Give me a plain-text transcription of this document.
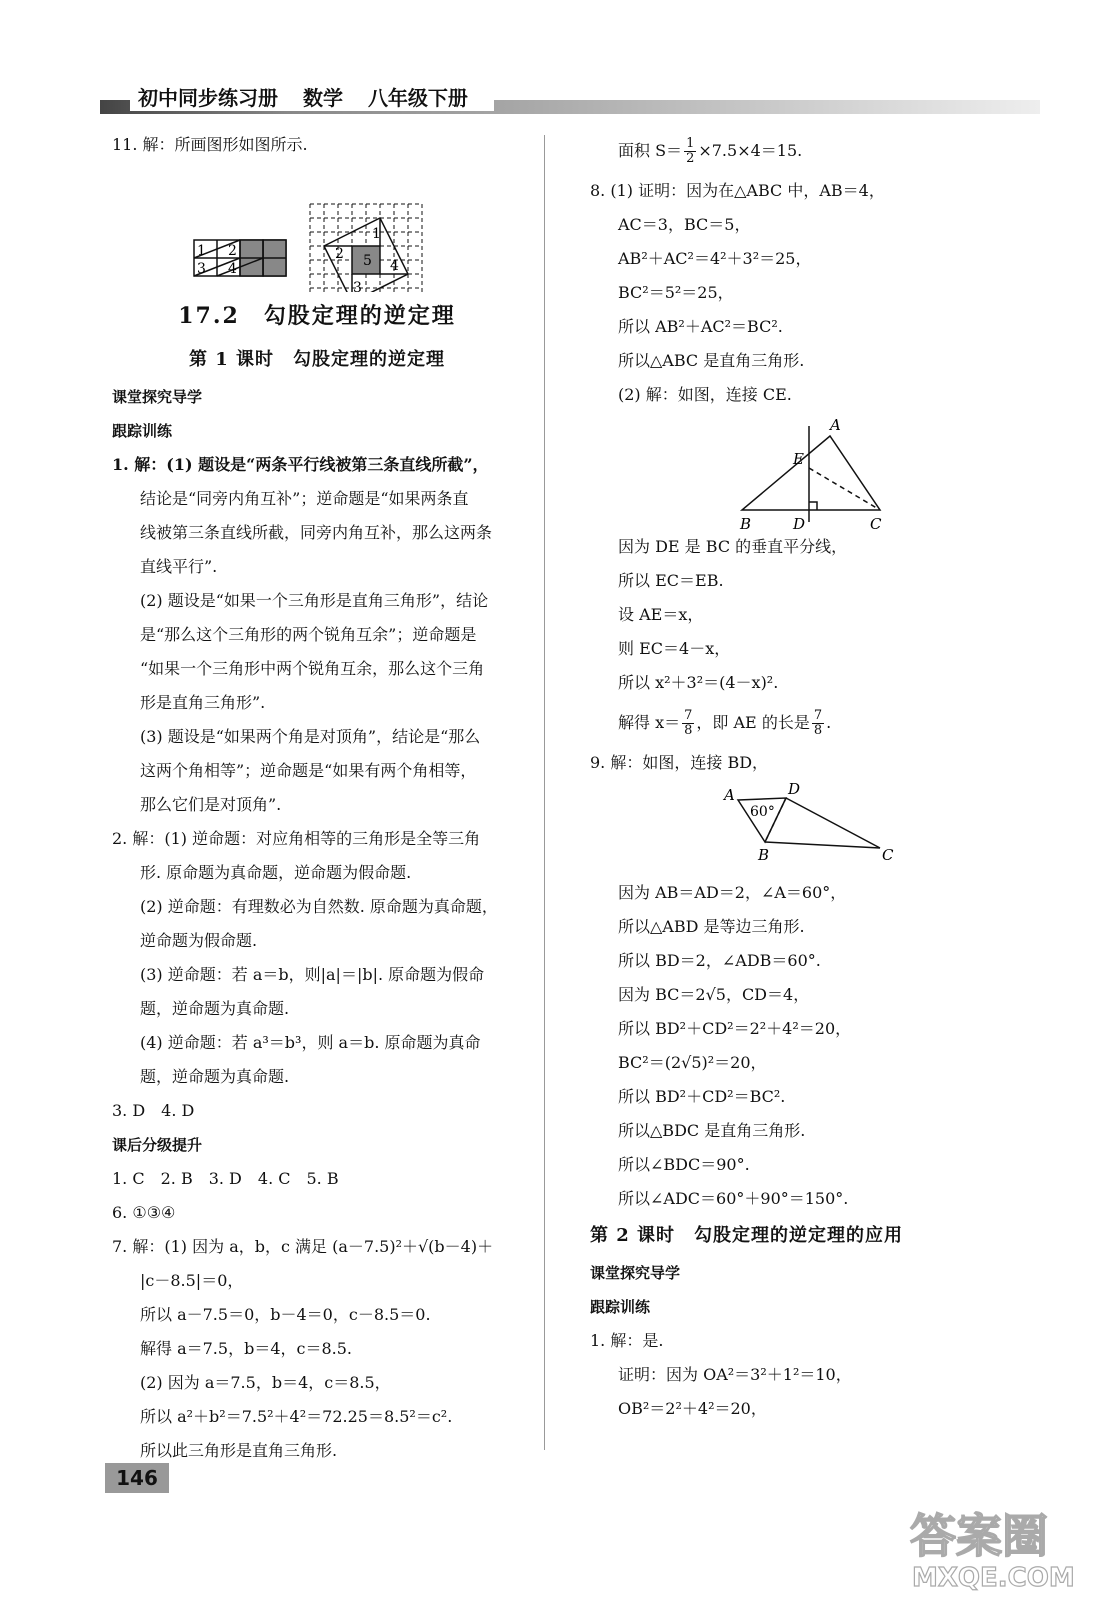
初中同步练习册 数学 八年级下册
11. 解：所画图形如图所示.
1 2
3 4
1
2
3
4
5
17.2　勾股定理的逆定理
第 1 课时　勾股定理的逆定理
课堂探究导学
跟踪训练
1. 解：(1) 题设是“两条平行线被第三条直线所截”，
结论是“同旁内角互补”；逆命题是“如果两条直
线被第三条直线所截，同旁内角互补，那么这两条
直线平行”.
(2) 题设是“如果一个三角形是直角三角形”，结论
是“那么这个三角形的两个锐角互余”；逆命题是
“如果一个三角形中两个锐角互余，那么这个三角
形是直角三角形”.
(3) 题设是“如果两个角是对顶角”，结论是“那么
这两个角相等”；逆命题是“如果有两个角相等，
那么它们是对顶角”.
2. 解：(1) 逆命题：对应角相等的三角形是全等三角
形. 原命题为真命题，逆命题为假命题.
(2) 逆命题：有理数必为自然数. 原命题为真命题，
逆命题为假命题.
(3) 逆命题：若 a＝b，则|a|＝|b|. 原命题为假命
题，逆命题为真命题.
(4) 逆命题：若 a³＝b³，则 a＝b. 原命题为真命
题，逆命题为真命题.
3. D　4. D
课后分级提升
1. C　2. B　3. D　4. C　5. B
6. ①③④
7. 解：(1) 因为 a，b，c 满足 (a－7.5)²＋√(b－4)＋
|c－8.5|＝0，
所以 a－7.5＝0，b－4＝0，c－8.5＝0.
解得 a＝7.5，b＝4，c＝8.5.
(2) 因为 a＝7.5，b＝4，c＝8.5，
所以 a²＋b²＝7.5²＋4²＝72.25＝8.5²＝c².
所以此三角形是直角三角形.
面积 $S= \frac{1}{2} \times 7.5\times 4=15$.
8. (1) 证明：因为在△ABC 中，AB＝4，
AC＝3，BC＝5，
AB²＋AC²＝4²＋3²＝25，
BC²＝5²＝25，
所以 AB²＋AC²＝BC².
所以△ABC 是直角三角形.
(2) 解：如图，连接 CE.
A
E
B	D	C
因为 DE 是 BC 的垂直平分线，
所以 EC＝EB.
设 AE＝x，
则 EC＝4－x，
所以 x²＋3²＝(4－x)².
解得 $x= \frac{7}{8}$ ，即 AE 的长是 $\frac{7}{8}$ .
9. 解：如图，连接 BD，
A	D
B	C
60°
因为 AB＝AD＝2，∠A＝60°，
所以△ABD 是等边三角形.
所以 BD＝2，∠ADB＝60°.
因为 BC＝2√5，CD＝4，
所以 BD²＋CD²＝2²＋4²＝20，
BC²＝(2√5)²＝20，
所以 BD²＋CD²＝BC².
所以△BDC 是直角三角形.
所以∠BDC＝90°.
所以∠ADC＝60°＋90°＝150°.
第 2 课时　勾股定理的逆定理的应用
课堂探究导学
跟踪训练
1. 解：是.
证明：因为 OA²＝3²＋1²＝10，
OB²＝2²＋4²＝20，
146
答案圈
MXQE.COM
